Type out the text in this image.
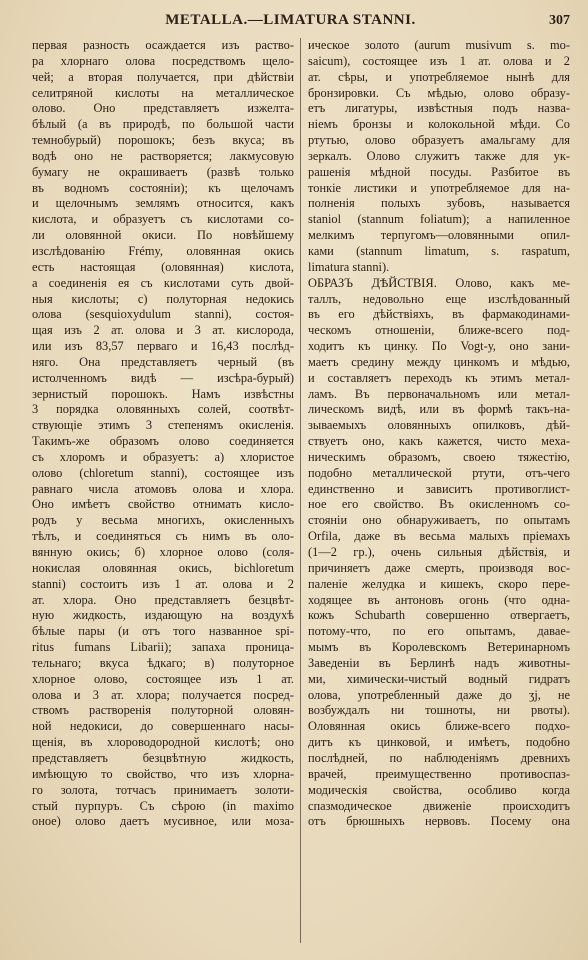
METALLA.—LIMATURA STANNI.	307
первая разность осаждается изъ раство-
ра хлорнаго олова посредствомъ щело-
чей; а вторая получается, при дѣйствіи
селитряной кислоты на металлическое
олово. Оно представляетъ изжелта-
бѣлый (а въ природѣ, по большой части
темнобурый) порошокъ; безъ вкуса; въ
водѣ оно не растворяется; лакмусовую
бумагу не окрашиваетъ (развѣ только
въ водномъ состояніи); къ щелочамъ
и щелочнымъ землямъ относится, какъ
кислота, и образуетъ съ кислотами со-
ли оловянной окиси. По новѣйшему
изслѣдованію Frémy, оловянная окись
есть настоящая (оловянная) кислота,
а соединенія ея съ кислотами суть двой-
ныя кислоты; c) полуторная недокись
олова (sesquioxydulum stanni), состоя-
щая изъ 2 ат. олова и 3 ат. кислорода,
или изъ 83,57 перваго и 16,43 послѣд-
няго. Она представляетъ черный (въ
истолченномъ видѣ — изсѣра-бурый)
зернистый порошокъ. Намъ извѣстны
3 порядка оловянныхъ солей, соотвѣт-
ствующіе этимъ 3 степенямъ окисленія.
Такимъ-же образомъ олово соединяется
съ хлоромъ и образуетъ: a) хлористое
олово (chloretum stanni), состоящее изъ
равнаго числа атомовъ олова и хлора.
Оно имѣетъ свойство отнимать кисло-
родъ у весьма многихъ, окисленныхъ
тѣлъ, и соединяться съ нимъ въ оло-
вянную окись; б) хлорное олово (соля-
нокислая оловянная окись, bichloretum
stanni) состоитъ изъ 1 ат. олова и 2
ат. хлора. Оно представляетъ безцвѣт-
ную жидкость, издающую на воздухѣ
бѣлые пары (и отъ того названное spi-
ritus fumans Libarii); запаха проница-
тельнаго; вкуса ѣдкаго; в) полуторное
хлорное олово, состоящее изъ 1 ат.
олова и 3 ат. хлора; получается посред-
ствомъ растворенія полуторной оловян-
ной недокиси, до совершеннаго насы-
щенія, въ хлороводородной кислотѣ; оно
представляетъ безцвѣтную жидкость,
имѣющую то свойство, что изъ хлорна-
го золота, тотчасъ принимаетъ золоти-
стый пурпуръ. Съ сѣрою (in maximo
оное) олово даетъ мусивное, или моза-
ическое золото (aurum musivum s. mo-
saicum), состоящее изъ 1 ат. олова и 2
ат. сѣры, и употребляемое нынѣ для
бронзировки. Съ мѣдью, олово образу-
етъ лигатуры, извѣстныя подъ назва-
ніемъ бронзы и колокольной мѣди. Со
ртутью, олово образуетъ амальгаму для
зеркалъ. Олово служитъ также для ук-
рашенія мѣдной посуды. Разбитое въ
тонкіе листики и употребляемое для на-
полненія полыхъ зубовъ, называется
staniol (stannum foliatum); а напиленное
мелкимъ терпугомъ—оловянными опил-
ками (stannum limatum, s. raspatum,
limatura stanni).
ОБРАЗЪ ДѢЙСТВІЯ. Олово, какъ ме-
таллъ, недовольно еще изслѣдованный
въ его дѣйствіяхъ, въ фармакодинами-
ческомъ отношеніи, ближе-всего под-
ходитъ къ цинку. По Vogt-у, оно зани-
маетъ средину между цинкомъ и мѣдью,
и составляетъ переходъ къ этимъ метал-
ламъ. Въ первоначальномъ или метал-
лическомъ видѣ, или въ формѣ такъ-на-
зываемыхъ оловянныхъ опилковъ, дѣй-
ствуетъ оно, какъ кажется, чисто меха-
ническимъ образомъ, своею тяжестію,
подобно металлической ртути, отъ-чего
единственно и зависитъ противоглист-
ное его свойство. Въ окисленномъ со-
стояніи оно обнаруживаетъ, по опытамъ
Orfila, даже въ весьма малыхъ пріемахъ
(1—2 гр.), очень сильныя дѣйствія, и
причиняетъ даже смерть, производя вос-
паленіе желудка и кишекъ, скоро пере-
ходящее въ антоновъ огонь (что одна-
кожъ Schubarth совершенно отвергаетъ,
потому-что, по его опытамъ, давае-
мымъ въ Королевскомъ Ветеринарномъ
Заведеніи въ Берлинѣ надъ животны-
ми, химически-чистый водный гидратъ
олова, употребленный даже до ʒj, не
возбуждалъ ни тошноты, ни рвоты).
Оловянная окись ближе-всего подхо-
дитъ къ цинковой, и имѣетъ, подобно
послѣдней, по наблюденіямъ древнихъ
врачей, преимущественно противоспаз-
модическія свойства, особливо когда
спазмодическое движеніе происходитъ
отъ брюшныхъ нервовъ. Посему она
